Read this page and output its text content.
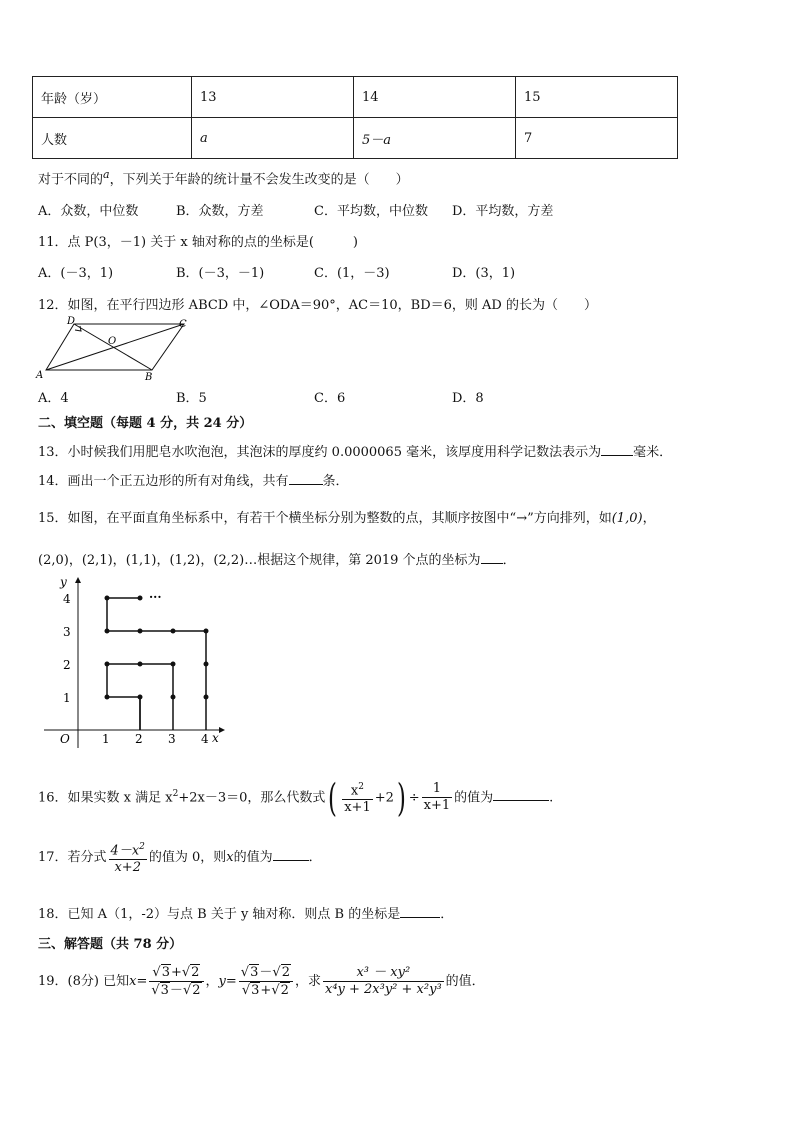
年龄（岁）	13	14	15
人数	a	5－a	7
对于不同的$^a$，下列关于年龄的统计量不会发生改变的是（　　）
A．众数，中位数	B．众数，方差	C．平均数，中位数 D．平均数，方差
11．点 P(3，－1) 关于 x 轴对称的点的坐标是(　　　)
A．(－3，1)	B．(－3，－1)	C．(1，－3)	D．(3，1)
12．如图，在平行四边形 ABCD 中，∠ODA＝90°，AC＝10，BD＝6，则 AD 的长为（　　）
D	C
O
A	B
A．4	B．5	C．6	D．8
二、填空题（每题 4 分，共 24 分）
13．小时候我们用肥皂水吹泡泡，其泡沫的厚度约 0.0000065 毫米，该厚度用科学记数法表示为 毫米．
14．画出一个正五边形的所有对角线，共有	条．
15．如图，在平面直角坐标系中，有若干个横坐标分别为整数的点，其顺序按图中“→”方向排列，如(1,0)，
(2,0)，(2,1)，(1,1)，(1,2)，(2,2)…根据这个规律，第 2019 个点的坐标为 ．
y
x
O	1 2 3 4
1
2
3
4	···
16．如果实数 x 满足 $x^2+2x-3=0$，那么代数式( $\frac{x^2}{x+1} +2) \div \frac{1}{x+1}$ 的值为	.
17．若分式 $\frac{4-x^2}{x+2}$ 的值为 0，则x的值为	．
18．已知 A（1，-2）与点 B 关于 y 轴对称．则点 B 的坐标是	．
三、解答题（共 78 分）
19．(8分) 已知$x= \frac{√3+√2}{√3-√2}$ ，$y= \frac{√3-√2}{√3+√2}$ ，求 $\frac{\text{x³ － xy²}}{\text{x⁴y + 2x³y² + x²y³}}$ 的值．
